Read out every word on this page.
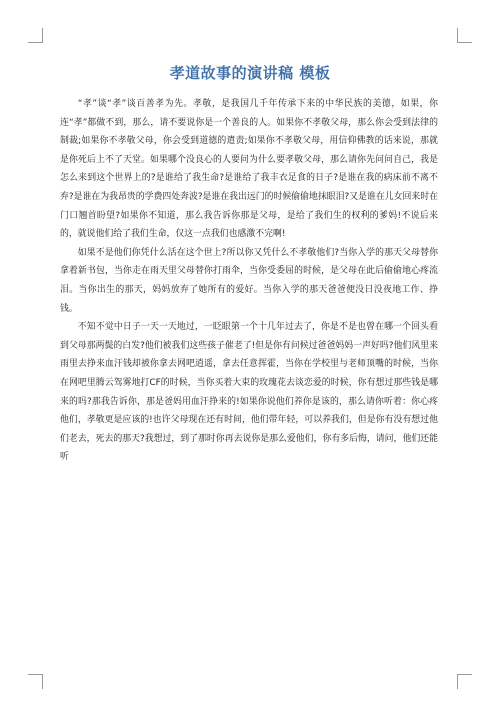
孝道故事的演讲稿 模板

“孝”谈“孝”谈百善孝为先。孝敬，是我国几千年传承下来的中华民族的美德，如果，你连“孝”都做不到，那么，请不要说你是一个善良的人。如果你不孝敬父母，那么你会受到法律的制裁;如果你不孝敬父母，你会受到道德的遣责;如果你不孝敬父母，用信仰佛教的话来说，那就是你死后上不了天堂。如果哪个没良心的人要问为什么要孝敬父母，那么请你先问问自己，我是怎么来到这个世界上的?是谁给了我生命?是谁给了我丰衣足食的日子?是谁在我的病床前不离不弃?是谁在为我昂贵的学费四处奔波?是谁在我出远门的时候偷偷地抹眼泪?又是谁在儿女回来时在门口翘首盼望?如果你不知道，那么我告诉你那是父母，是给了我们生的权利的爹妈!不说后来的，就说他们给了我们生命，仅这一点我们也感激不完啊!

如果不是他们你凭什么活在这个世上?所以你又凭什么不孝敬他们?当你入学的那天父母替你拿着新书包，当你走在雨天里父母替你打雨伞，当你受委屈的时候，是父母在此后偷偷地心疼流泪。当你出生的那天，妈妈放弃了她所有的爱好。当你入学的那天爸爸便没日没夜地工作、挣钱。

不知不觉中日子一天一天地过，一眨眼第一个十几年过去了，你是不是也曾在哪一个回头看到父母那两鬓的白发?他们被我们这些孩子催老了!但是你有问候过爸爸妈妈一声好吗?他们风里来雨里去挣来血汗钱却被你拿去网吧逍遥，拿去任意挥霍，当你在学校里与老师顶嘴的时候，当你在网吧里腾云驾雾地打CF的时候，当你买着大束的玫瑰花去谈恋爱的时候，你有想过那些钱是哪来的吗?那我告诉你，那是爸妈用血汗挣来的!如果你说他们养你是该的，那么请你听着：你心疼他们，孝敬更是应该的!也许父母现在还有时间，他们带年轻，可以养我们，但是你有没有想过他们老去，死去的那天?我想过，到了那时你再去说你是那么爱他们，你有多后悔，请问，他们还能听
